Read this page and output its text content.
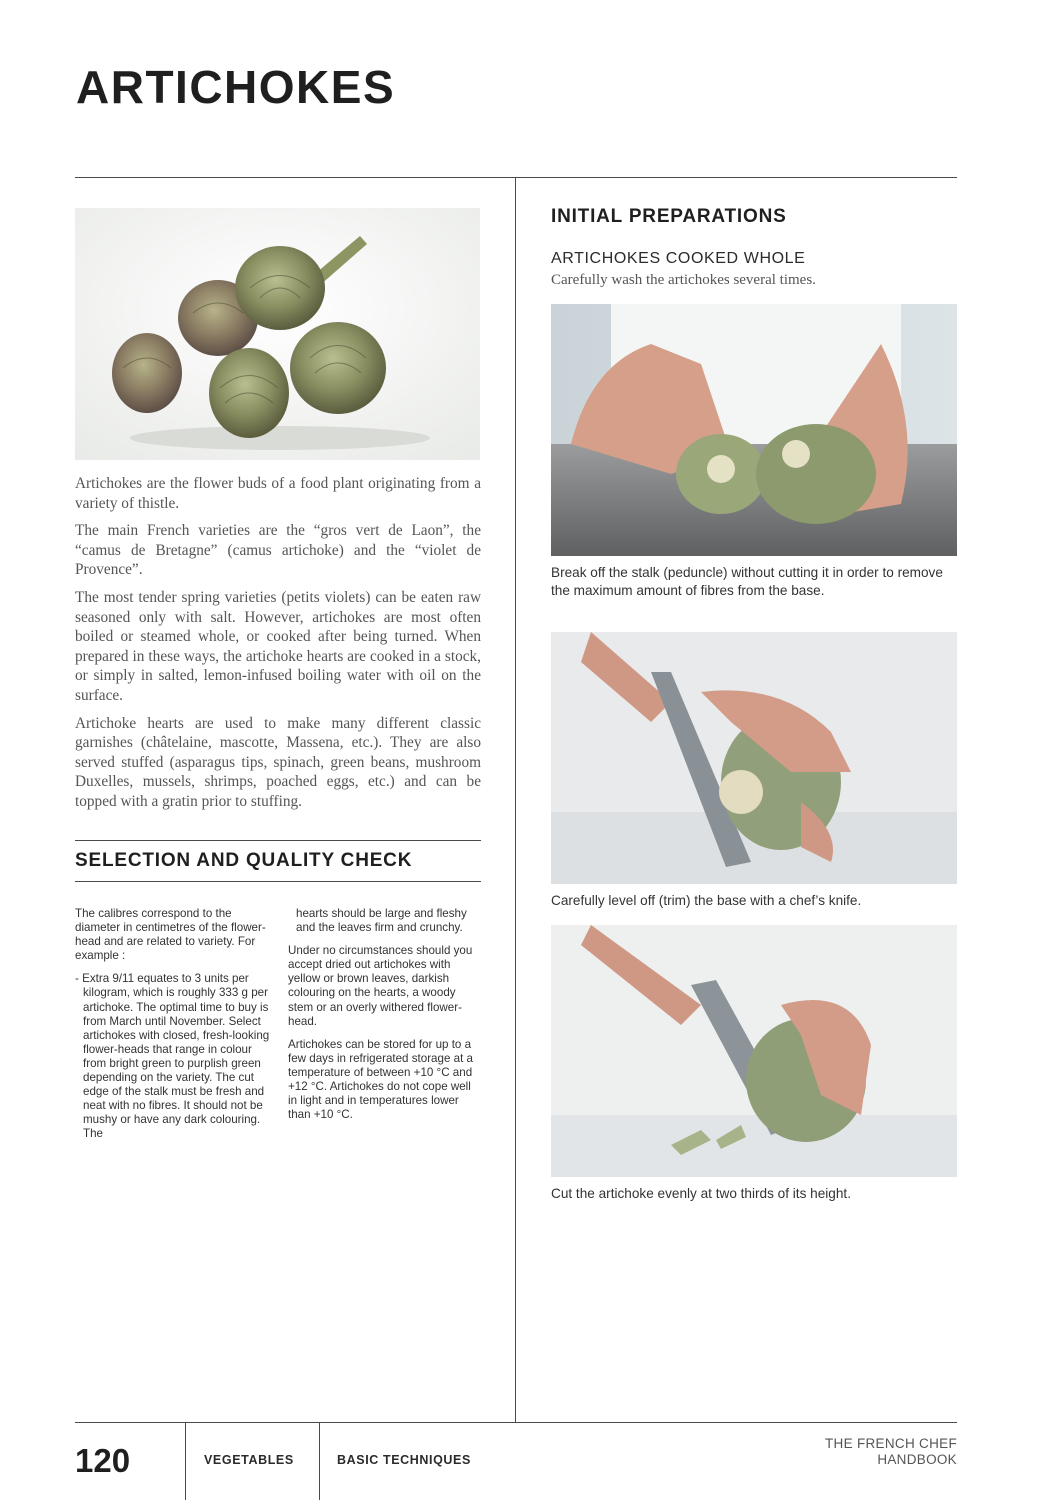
ARTICHOKES

Artichokes are the flower buds of a food plant originating from a variety of thistle.

The main French varieties are the “gros vert de Laon”, the “camus de Bretagne” (camus artichoke) and the “violet de Provence”.

The most tender spring varieties (petits violets) can be eaten raw seasoned only with salt. However, artichokes are most often boiled or steamed whole, or cooked after being turned. When prepared in these ways, the artichoke hearts are cooked in a stock, or simply in salted, lemon-infused boiling water with oil on the surface.

Artichoke hearts are used to make many different classic garnishes (châtelaine, mascotte, Massena, etc.). They are also served stuffed (asparagus tips, spinach, green beans, mushroom Duxelles, mussels, shrimps, poached eggs, etc.) and can be topped with a gratin prior to stuffing.

SELECTION AND QUALITY CHECK

The calibres correspond to the diameter in centimetres of the flower-head and are related to variety. For example :

- Extra 9/11 equates to 3 units per kilogram, which is roughly 333 g per artichoke. The optimal time to buy is from March until November. Select artichokes with closed, fresh-looking flower-heads that range in colour from bright green to purplish green depending on the variety. The cut edge of the stalk must be fresh and neat with no fibres. It should not be mushy or have any dark colouring. The

hearts should be large and fleshy and the leaves firm and crunchy.

Under no circumstances should you accept dried out artichokes with yellow or brown leaves, darkish colouring on the hearts, a woody stem or an overly withered flower-head.

Artichokes can be stored for up to a few days in refrigerated storage at a temperature of between +10 °C and +12 °C. Artichokes do not cope well in light and in temperatures lower than +10 °C.

INITIAL PREPARATIONS
ARTICHOKES COOKED WHOLE
Carefully wash the artichokes several times.
Break off the stalk (peduncle) without cutting it in order to remove the maximum amount of fibres from the base.
Carefully level off (trim) the base with a chef’s knife.
Cut the artichoke evenly at two thirds of its height.
120	VEGETABLES	BASIC TECHNIQUES
THE FRENCH CHEF
HANDBOOK
